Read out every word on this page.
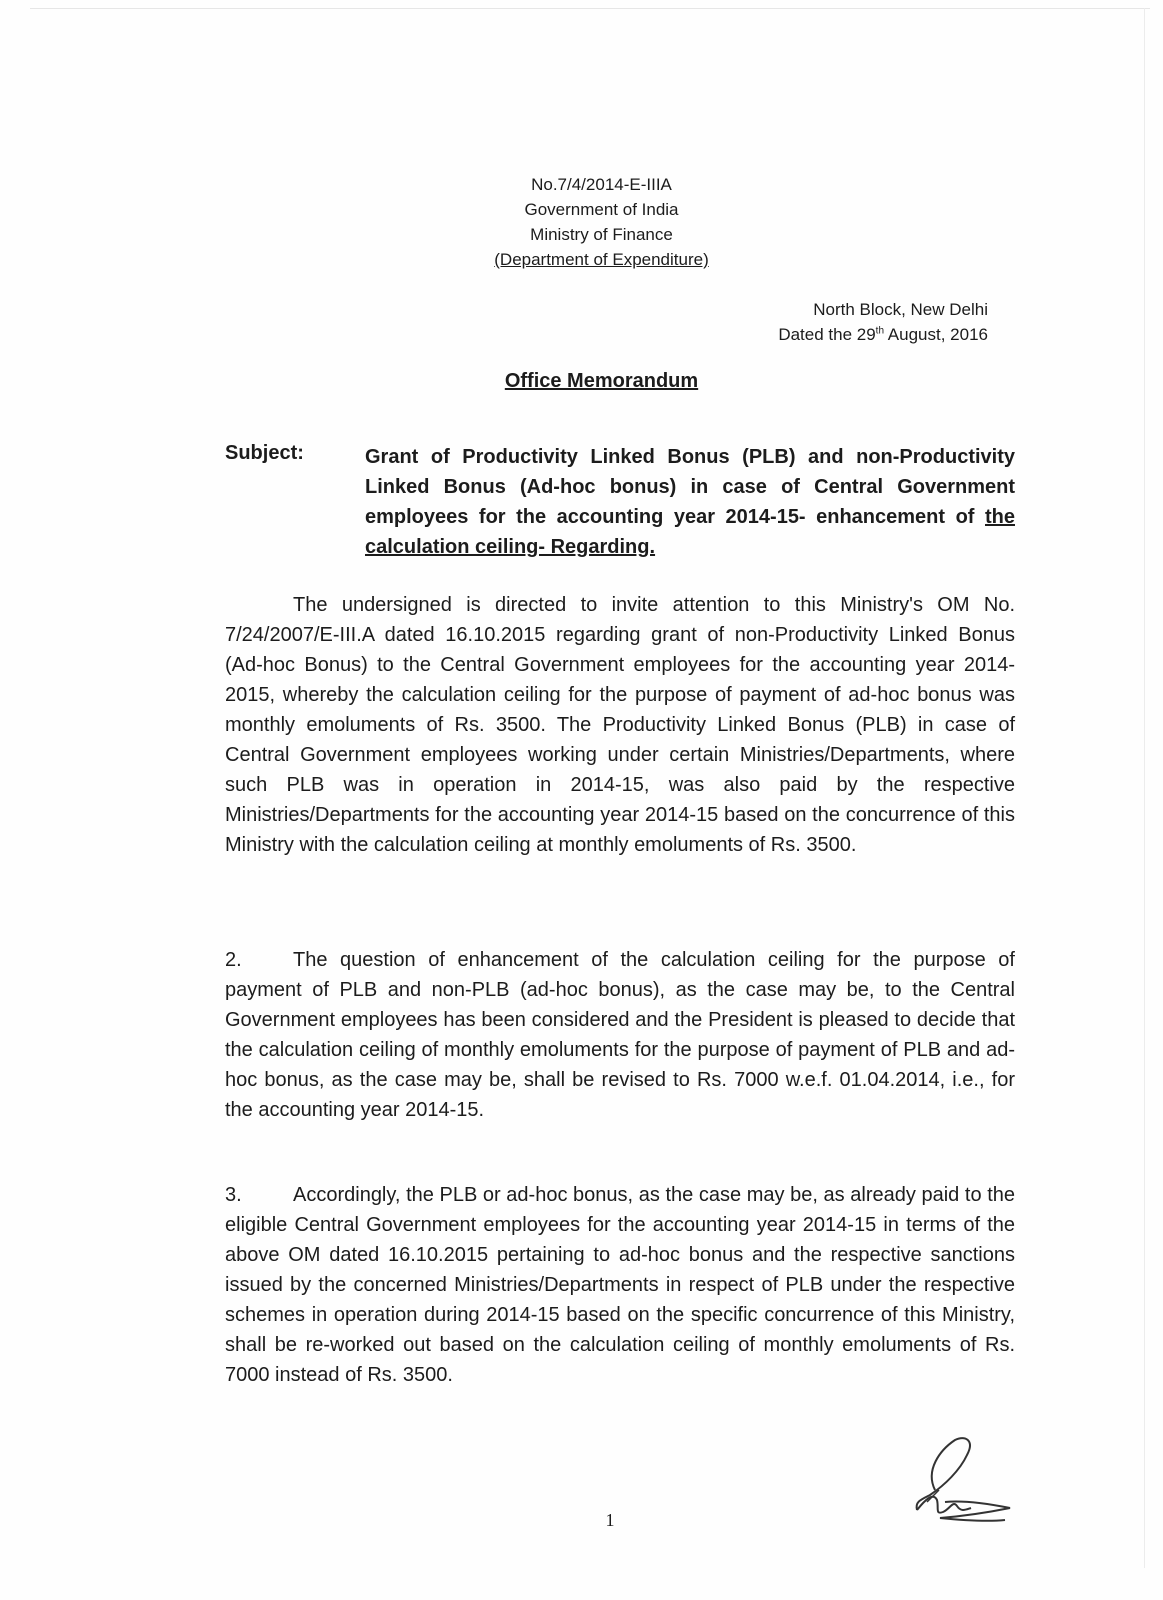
No.7/4/2014-E-IIIA
Government of India
Ministry of Finance
(Department of Expenditure)
North Block, New Delhi
Dated the 29th August, 2016
Office Memorandum
Subject:	Grant of Productivity Linked Bonus (PLB) and non-Productivity Linked Bonus (Ad-hoc bonus) in case of Central Government employees for the accounting year 2014-15- enhancement of the calculation ceiling- Regarding.
The undersigned is directed to invite attention to this Ministry's OM No. 7/24/2007/E-III.A dated 16.10.2015 regarding grant of non-Productivity Linked Bonus (Ad-hoc Bonus) to the Central Government employees for the accounting year 2014-2015, whereby the calculation ceiling for the purpose of payment of ad-hoc bonus was monthly emoluments of Rs. 3500. The Productivity Linked Bonus (PLB) in case of Central Government employees working under certain Ministries/Departments, where such PLB was in operation in 2014-15, was also paid by the respective Ministries/Departments for the accounting year 2014-15 based on the concurrence of this Ministry with the calculation ceiling at monthly emoluments of Rs. 3500.
2.	The question of enhancement of the calculation ceiling for the purpose of payment of PLB and non-PLB (ad-hoc bonus), as the case may be, to the Central Government employees has been considered and the President is pleased to decide that the calculation ceiling of monthly emoluments for the purpose of payment of PLB and ad-hoc bonus, as the case may be, shall be revised to Rs. 7000 w.e.f. 01.04.2014, i.e., for the accounting year 2014-15.
3.	Accordingly, the PLB or ad-hoc bonus, as the case may be, as already paid to the eligible Central Government employees for the accounting year 2014-15 in terms of the above OM dated 16.10.2015 pertaining to ad-hoc bonus and the respective sanctions issued by the concerned Ministries/Departments in respect of PLB under the respective schemes in operation during 2014-15 based on the specific concurrence of this Ministry, shall be re-worked out based on the calculation ceiling of monthly emoluments of Rs. 7000 instead of Rs. 3500.
1
